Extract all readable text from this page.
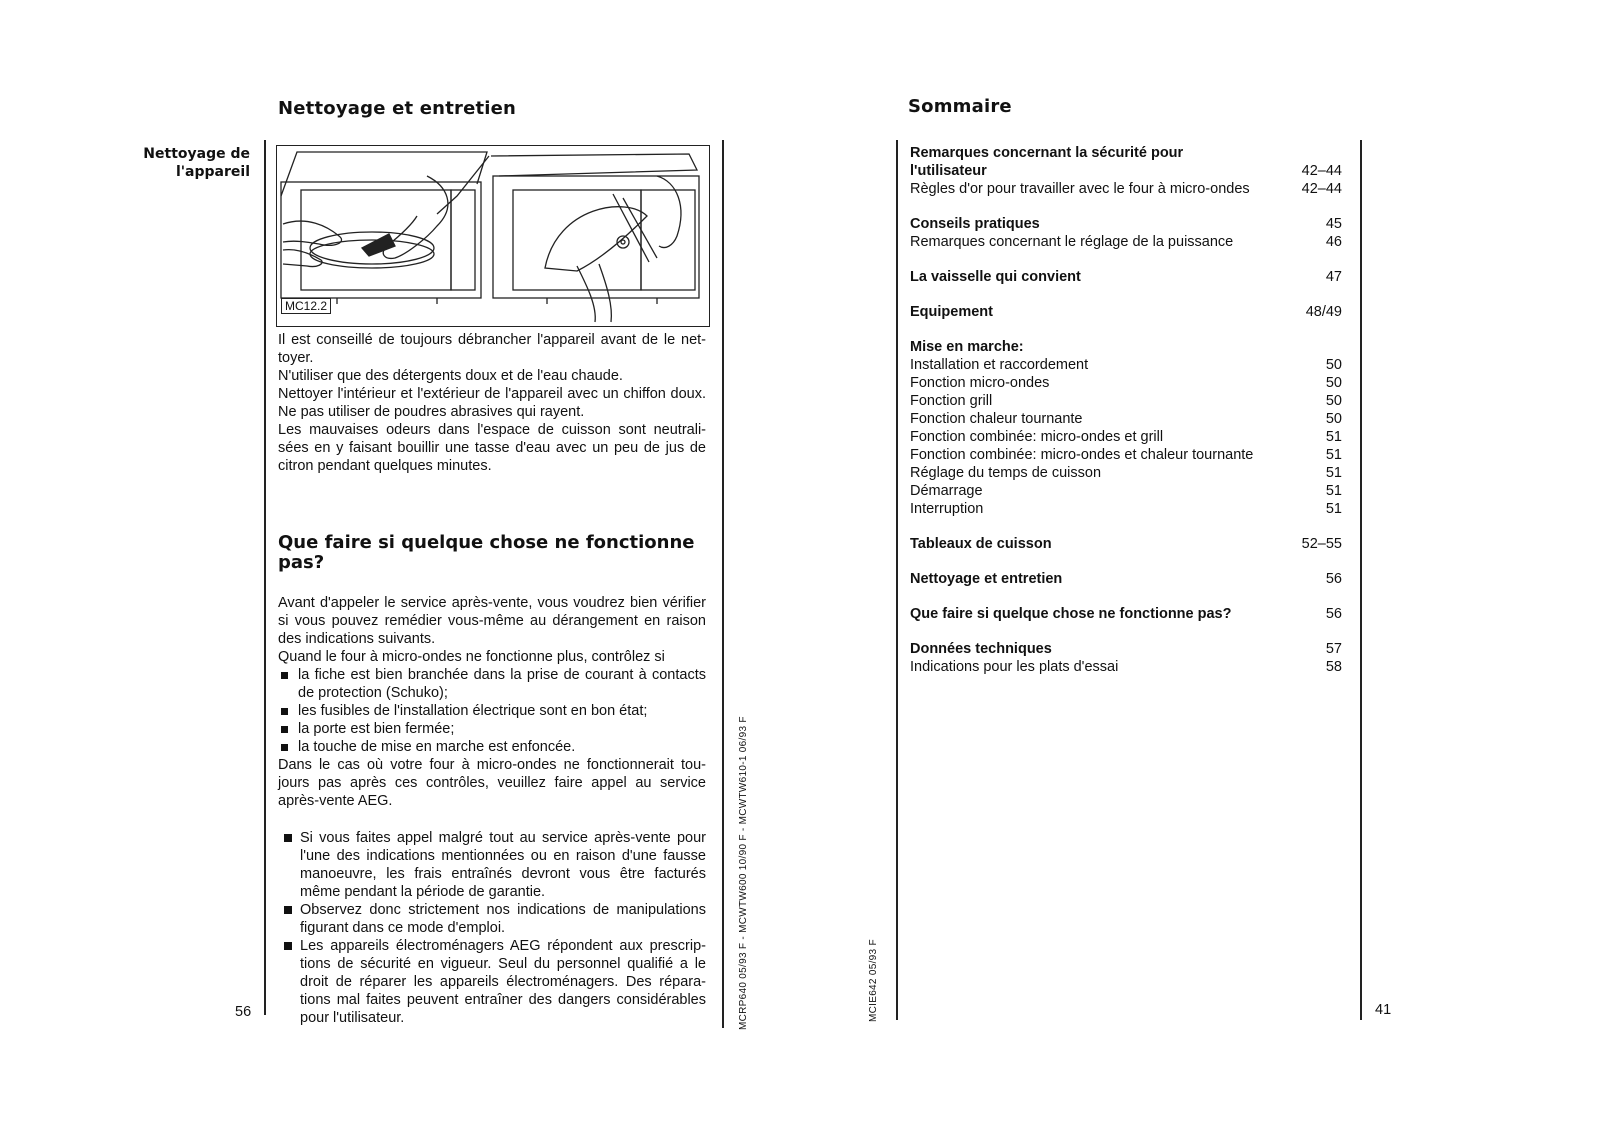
Nettoyage et entretien
Nettoyage de
l'appareil
MC12.2

Il est conseillé de toujours débrancher l'appareil avant de le net-toyer.

N'utiliser que des détergents doux et de l'eau chaude.

Nettoyer l'intérieur et l'extérieur de l'appareil avec un chiffon doux. Ne pas utiliser de poudres abrasives qui rayent.

Les mauvaises odeurs dans l'espace de cuisson sont neutrali-sées en y faisant bouillir une tasse d'eau avec un peu de jus de citron pendant quelques minutes.

Que faire si quelque chose ne fonctionne pas?

Avant d'appeler le service après-vente, vous voudrez bien vérifier si vous pouvez remédier vous-même au dérangement en raison des indications suivants.

Quand le four à micro-ondes ne fonctionne plus, contrôlez si

la fiche est bien branchée dans la prise de courant à contacts de protection (Schuko);
les fusibles de l'installation électrique sont en bon état;
la porte est bien fermée;
la touche de mise en marche est enfoncée.

Dans le cas où votre four à micro-ondes ne fonctionnerait tou-jours pas après ces contrôles, veuillez faire appel au service après-vente AEG.

Si vous faites appel malgré tout au service après-vente pour l'une des indications mentionnées ou en raison d'une fausse manoeuvre, les frais entraînés devront vous être facturés même pendant la période de garantie.
Observez donc strictement nos indications de manipulations figurant dans ce mode d'emploi.
Les appareils électroménagers AEG répondent aux prescrip-tions de sécurité en vigueur. Seul du personnel qualifié a le droit de réparer les appareils électroménagers. Des répara-tions mal faites peuvent entraîner des dangers considérables pour l'utilisateur.
56	MCRP640 05/93 F - MCWTW600 10/90 F - MCWTW610-1 06/93 F
Sommaire
MCIE642 05/93 F
Remarques concernant la sécurité pour
l'utilisateur	42–44
Règles d'or pour travailler avec le four à micro-ondes	42–44
Conseils pratiques	45
Remarques concernant le réglage de la puissance	46
La vaisselle qui convient	47
Equipement	48/49
Mise en marche:
Installation et raccordement	50
Fonction micro-ondes	50
Fonction grill	50
Fonction chaleur tournante	50
Fonction combinée: micro-ondes et grill	51
Fonction combinée: micro-ondes et chaleur tournante	51
Réglage du temps de cuisson	51
Démarrage	51
Interruption	51
Tableaux de cuisson	52–55
Nettoyage et entretien	56
Que faire si quelque chose ne fonctionne pas?	56
Données techniques	57
Indications pour les plats d'essai	58
41
